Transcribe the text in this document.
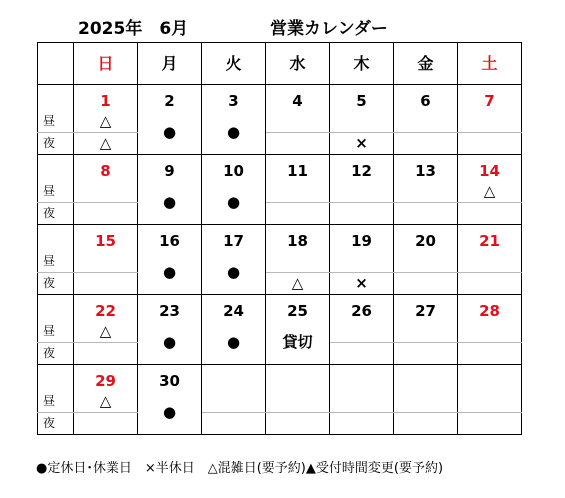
2025年　6月	営業カレンダー
	日	月	火	水	木	金	土
	1	2	3	4	5	6	7
昼	△	●	●				
夜	△				×		
	8	9	10	11	12	13	14
昼		●	●				△
夜							
	15	16	17	18	19	20	21
昼		●	●				
夜				△	×		
	22	23	24	25	26	27	28
昼	△	●	●	貸切			
夜							
	29	30					
昼	△	●					
夜							
●定休日･休業日　×半休日　△混雑日(要予約)▲受付時間変更(要予約)
